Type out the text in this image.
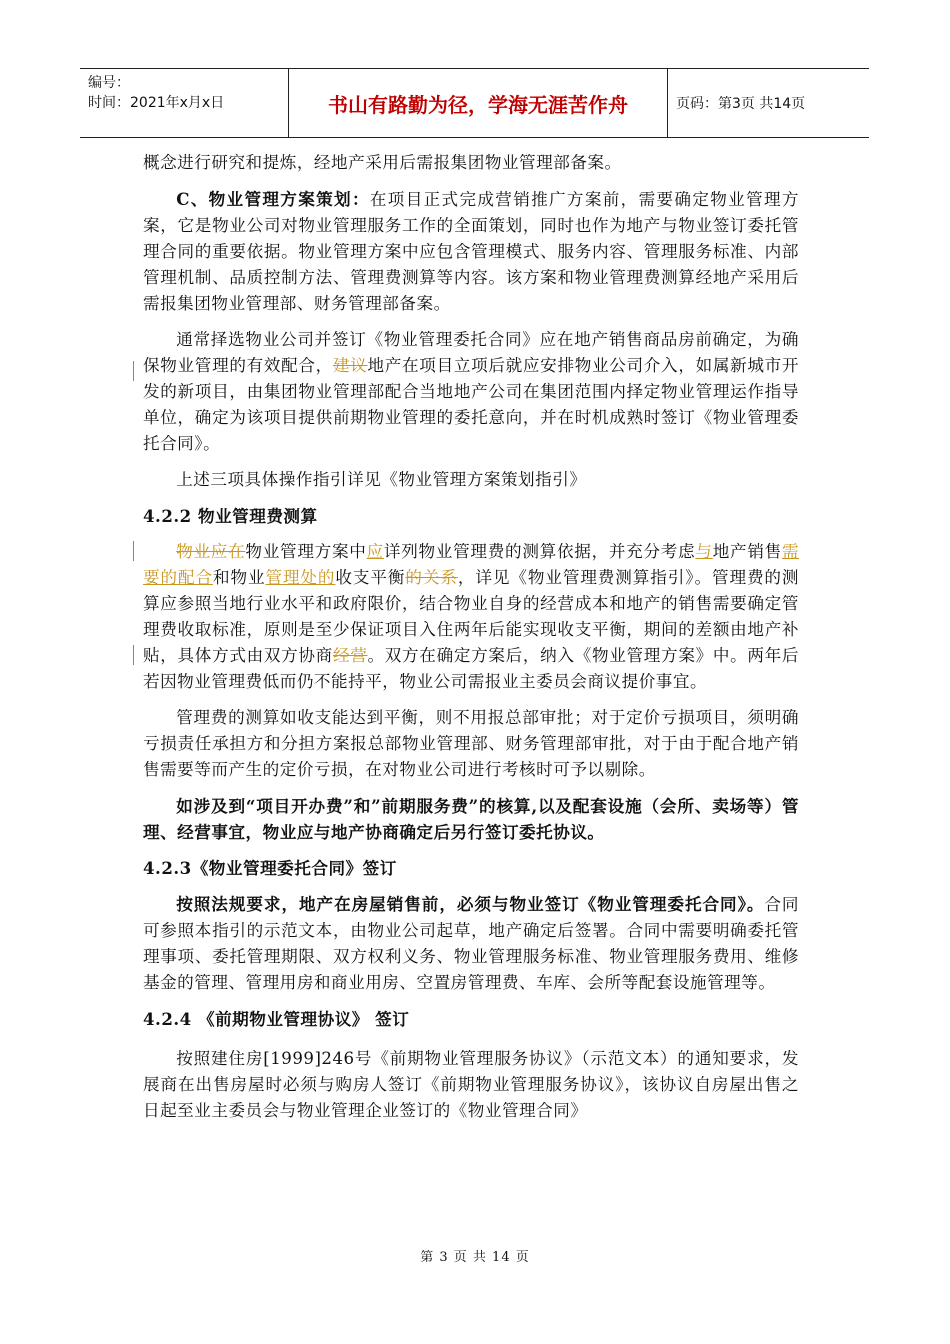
编号：
时间：2021年x月x日	书山有路勤为径，学海无涯苦作舟	页码：第3页 共14页

概念进行研究和提炼，经地产采用后需报集团物业管理部备案。

C、物业管理方案策划：在项目正式完成营销推广方案前，需要确定物业管理方案，它是物业公司对物业管理服务工作的全面策划，同时也作为地产与物业签订委托管理合同的重要依据。物业管理方案中应包含管理模式、服务内容、管理服务标准、内部管理机制、品质控制方法、管理费测算等内容。该方案和物业管理费测算经地产采用后需报集团物业管理部、财务管理部备案。

通常择选物业公司并签订《物业管理委托合同》应在地产销售商品房前确定，为确保物业管理的有效配合，建议地产在项目立项后就应安排物业公司介入，如属新城市开发的新项目，由集团物业管理部配合当地地产公司在集团范围内择定物业管理运作指导单位，确定为该项目提供前期物业管理的委托意向，并在时机成熟时签订《物业管理委托合同》。

上述三项具体操作指引详见《物业管理方案策划指引》

4.2.2 物业管理费测算

物业应在物业管理方案中应详列物业管理费的测算依据，并充分考虑与地产销售需要的配合和物业管理处的收支平衡的关系，详见《物业管理费测算指引》。管理费的测算应参照当地行业水平和政府限价，结合物业自身的经营成本和地产的销售需要确定管理费收取标准，原则是至少保证项目入住两年后能实现收支平衡，期间的差额由地产补贴，具体方式由双方协商经营。双方在确定方案后，纳入《物业管理方案》中。两年后若因物业管理费低而仍不能持平，物业公司需报业主委员会商议提价事宜。

管理费的测算如收支能达到平衡，则不用报总部审批；对于定价亏损项目，须明确亏损责任承担方和分担方案报总部物业管理部、财务管理部审批，对于由于配合地产销售需要等而产生的定价亏损，在对物业公司进行考核时可予以剔除。

如涉及到“项目开办费”和”前期服务费”的核算,以及配套设施（会所、卖场等）管理、经营事宜，物业应与地产协商确定后另行签订委托协议。

4.2.3《物业管理委托合同》签订

按照法规要求，地产在房屋销售前，必须与物业签订《物业管理委托合同》。合同可参照本指引的示范文本，由物业公司起草，地产确定后签署。合同中需要明确委托管理事项、委托管理期限、双方权利义务、物业管理服务标准、物业管理服务费用、维修基金的管理、管理用房和商业用房、空置房管理费、车库、会所等配套设施管理等。

4.2.4 《前期物业管理协议》 签订

按照建住房[1999]246号《前期物业管理服务协议》（示范文本）的通知要求，发展商在出售房屋时必须与购房人签订《前期物业管理服务协议》，该协议自房屋出售之日起至业主委员会与物业管理企业签订的《物业管理合同》

第 3 页 共 14 页
